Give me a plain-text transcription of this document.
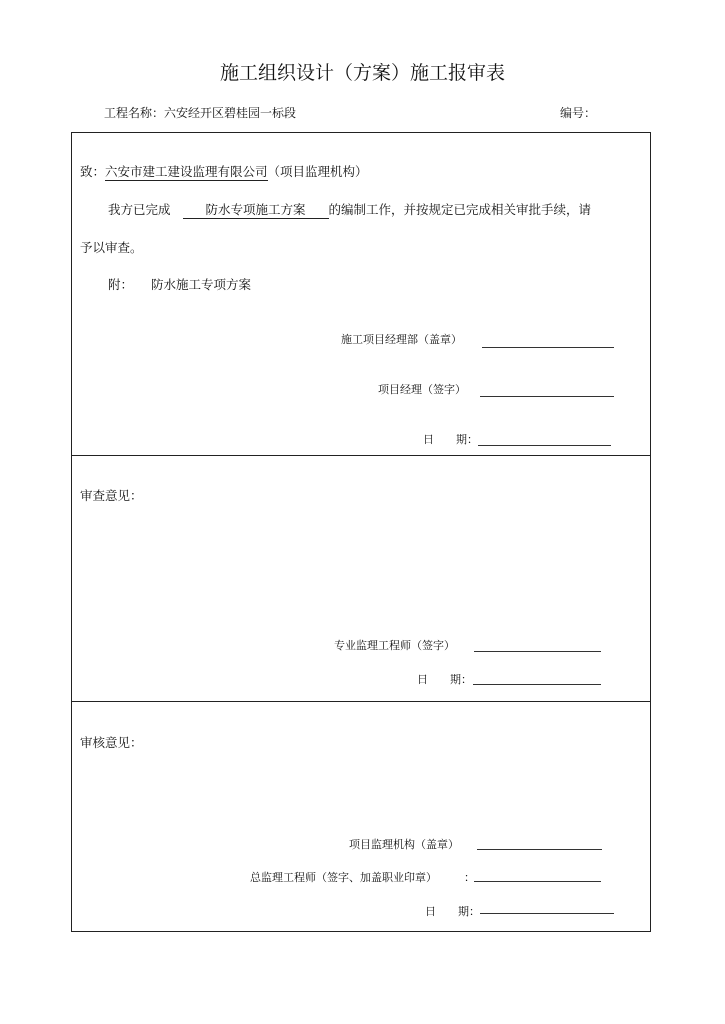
施工组织设计（方案）施工报审表
工程名称：六安经开区碧桂园一标段	编号：
致：六安市建工建设监理有限公司（项目监理机构）
我方已完成	防水专项施工方案 的编制工作，并按规定已完成相关审批手续，请
予以审查。
附： 防水施工专项方案
施工项目经理部（盖章）
项目经理（签字）
日　　期：
审查意见：
专业监理工程师（签字）
日　　期：
审核意见：
项目监理机构（盖章）
总监理工程师（签字、加盖职业印章） ：
日　　期：
